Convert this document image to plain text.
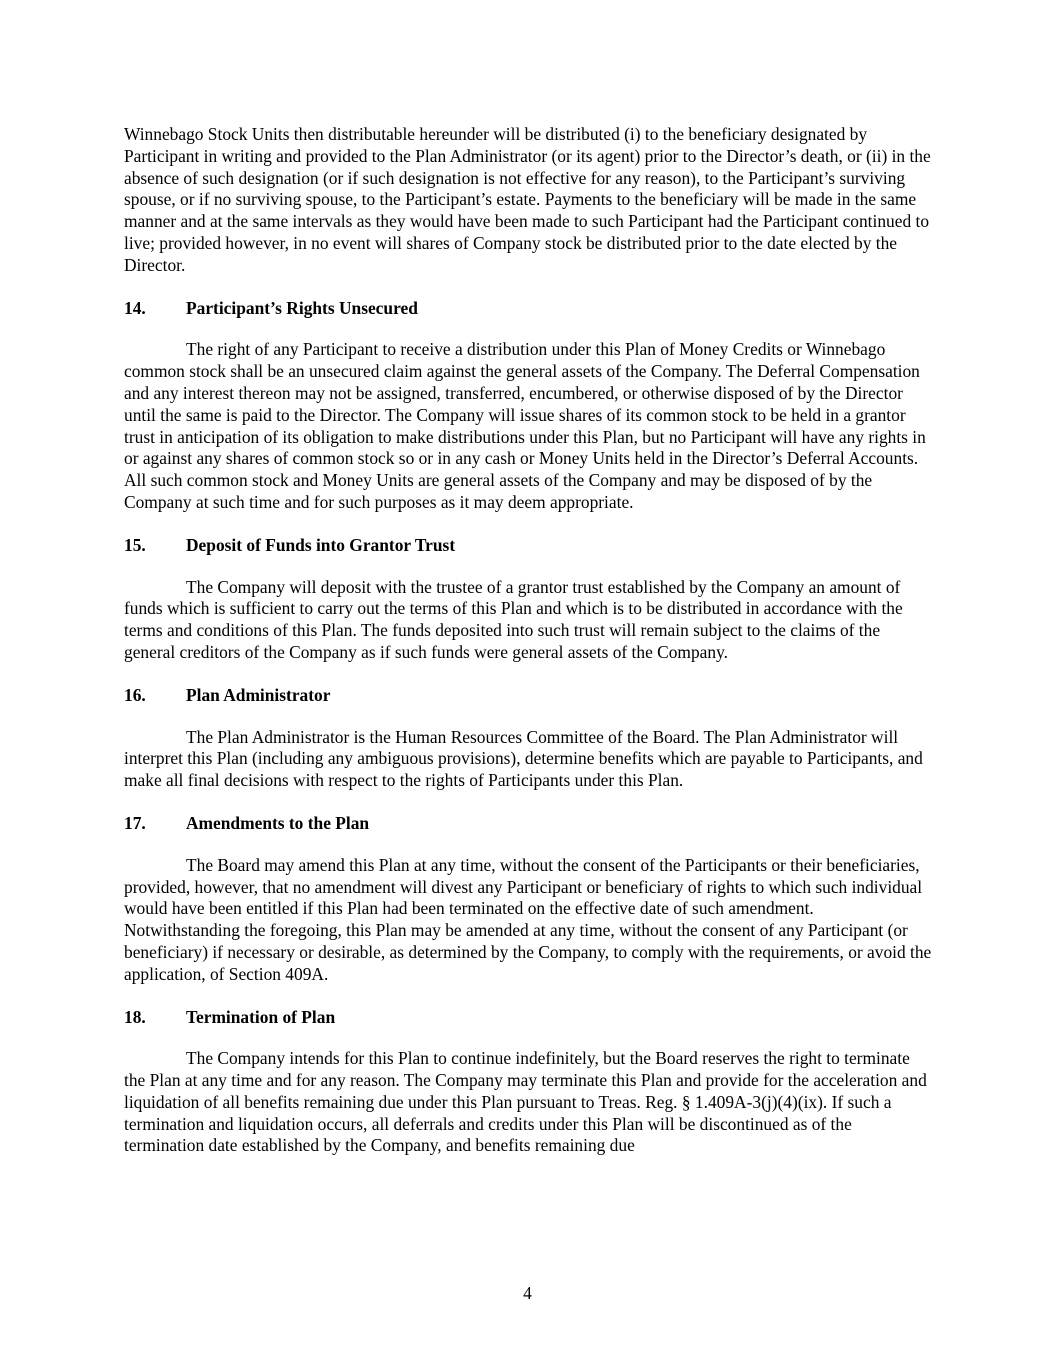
Winnebago Stock Units then distributable hereunder will be distributed (i) to the beneficiary designated by Participant in writing and provided to the Plan Administrator (or its agent) prior to the Director’s death, or (ii) in the absence of such designation (or if such designation is not effective for any reason), to the Participant’s surviving spouse, or if no surviving spouse, to the Participant’s estate. Payments to the beneficiary will be made in the same manner and at the same intervals as they would have been made to such Participant had the Participant continued to live; provided however, in no event will shares of Company stock be distributed prior to the date elected by the Director.

14.	Participant’s Rights Unsecured

The right of any Participant to receive a distribution under this Plan of Money Credits or Winnebago common stock shall be an unsecured claim against the general assets of the Company. The Deferral Compensation and any interest thereon may not be assigned, transferred, encumbered, or otherwise disposed of by the Director until the same is paid to the Director. The Company will issue shares of its common stock to be held in a grantor trust in anticipation of its obligation to make distributions under this Plan, but no Participant will have any rights in or against any shares of common stock so or in any cash or Money Units held in the Director’s Deferral Accounts. All such common stock and Money Units are general assets of the Company and may be disposed of by the Company at such time and for such purposes as it may deem appropriate.

15.	Deposit of Funds into Grantor Trust

The Company will deposit with the trustee of a grantor trust established by the Company an amount of funds which is sufficient to carry out the terms of this Plan and which is to be distributed in accordance with the terms and conditions of this Plan. The funds deposited into such trust will remain subject to the claims of the general creditors of the Company as if such funds were general assets of the Company.

16.	Plan Administrator

The Plan Administrator is the Human Resources Committee of the Board. The Plan Administrator will interpret this Plan (including any ambiguous provisions), determine benefits which are payable to Participants, and make all final decisions with respect to the rights of Participants under this Plan.

17.	Amendments to the Plan

The Board may amend this Plan at any time, without the consent of the Participants or their beneficiaries, provided, however, that no amendment will divest any Participant or beneficiary of rights to which such individual would have been entitled if this Plan had been terminated on the effective date of such amendment. Notwithstanding the foregoing, this Plan may be amended at any time, without the consent of any Participant (or beneficiary) if necessary or desirable, as determined by the Company, to comply with the requirements, or avoid the application, of Section 409A.

18.	Termination of Plan

The Company intends for this Plan to continue indefinitely, but the Board reserves the right to terminate the Plan at any time and for any reason. The Company may terminate this Plan and provide for the acceleration and liquidation of all benefits remaining due under this Plan pursuant to Treas. Reg. § 1.409A-3(j)(4)(ix). If such a termination and liquidation occurs, all deferrals and credits under this Plan will be discontinued as of the termination date established by the Company, and benefits remaining due

4
